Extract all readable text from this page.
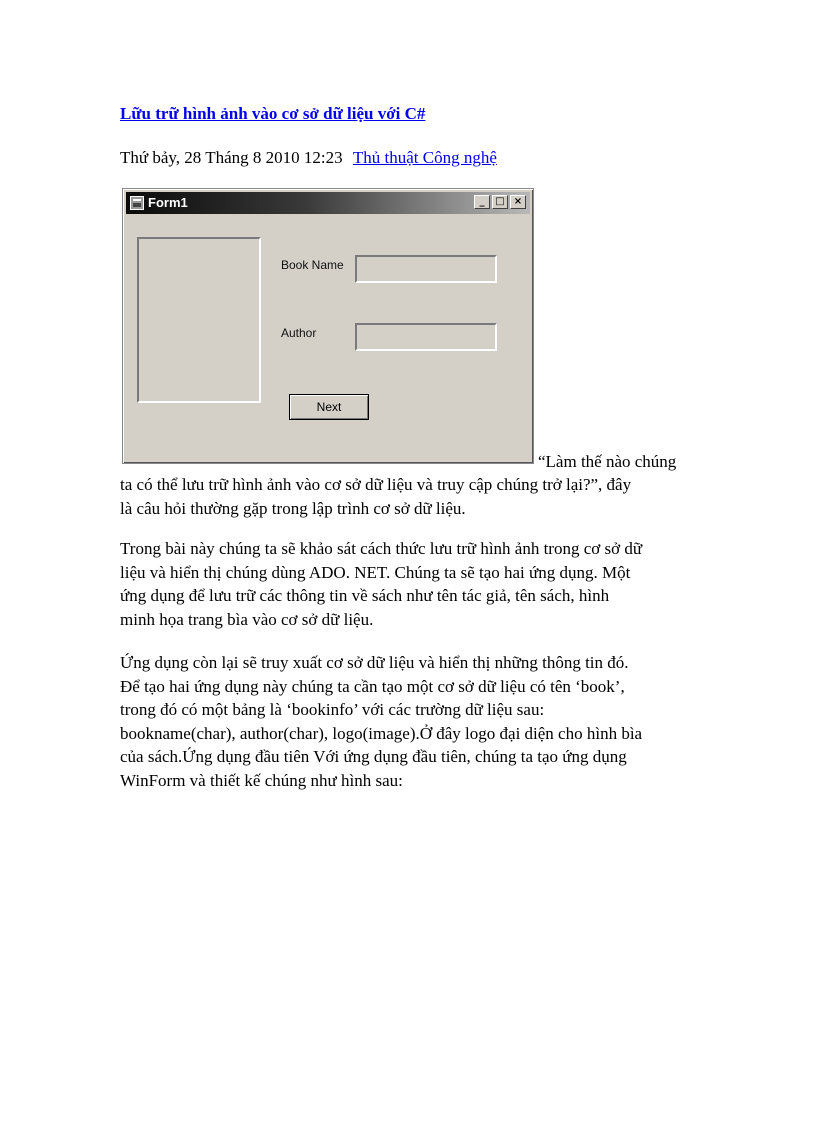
Lữu trữ hình ảnh vào cơ sở dữ liệu với C#
Thứ bảy, 28 Tháng 8 2010 12:23 Thủ thuật Công nghệ
Form1	_	□ ×
Book Name
Author
Next

“Làm thế nào chúng

ta có thể lưu trữ hình ảnh vào cơ sở dữ liệu và truy cập chúng trở lại?”, đây
là câu hỏi thường gặp trong lập trình cơ sở dữ liệu.

Trong bài này chúng ta sẽ khảo sát cách thức lưu trữ hình ảnh trong cơ sở dữ
liệu và hiển thị chúng dùng ADO. NET. Chúng ta sẽ tạo hai ứng dụng. Một
ứng dụng để lưu trữ các thông tin về sách như tên tác giả, tên sách, hình
minh họa trang bìa vào cơ sở dữ liệu.

Ứng dụng còn lại sẽ truy xuất cơ sở dữ liệu và hiển thị những thông tin đó.
Để tạo hai ứng dụng này chúng ta cần tạo một cơ sở dữ liệu có tên ‘book’,
trong đó có một bảng là ‘bookinfo’ với các trường dữ liệu sau:
bookname(char), author(char), logo(image).Ở đây logo đại diện cho hình bìa
của sách.Ứng dụng đầu tiên Với ứng dụng đầu tiên, chúng ta tạo ứng dụng
WinForm và thiết kế chúng như hình sau:
